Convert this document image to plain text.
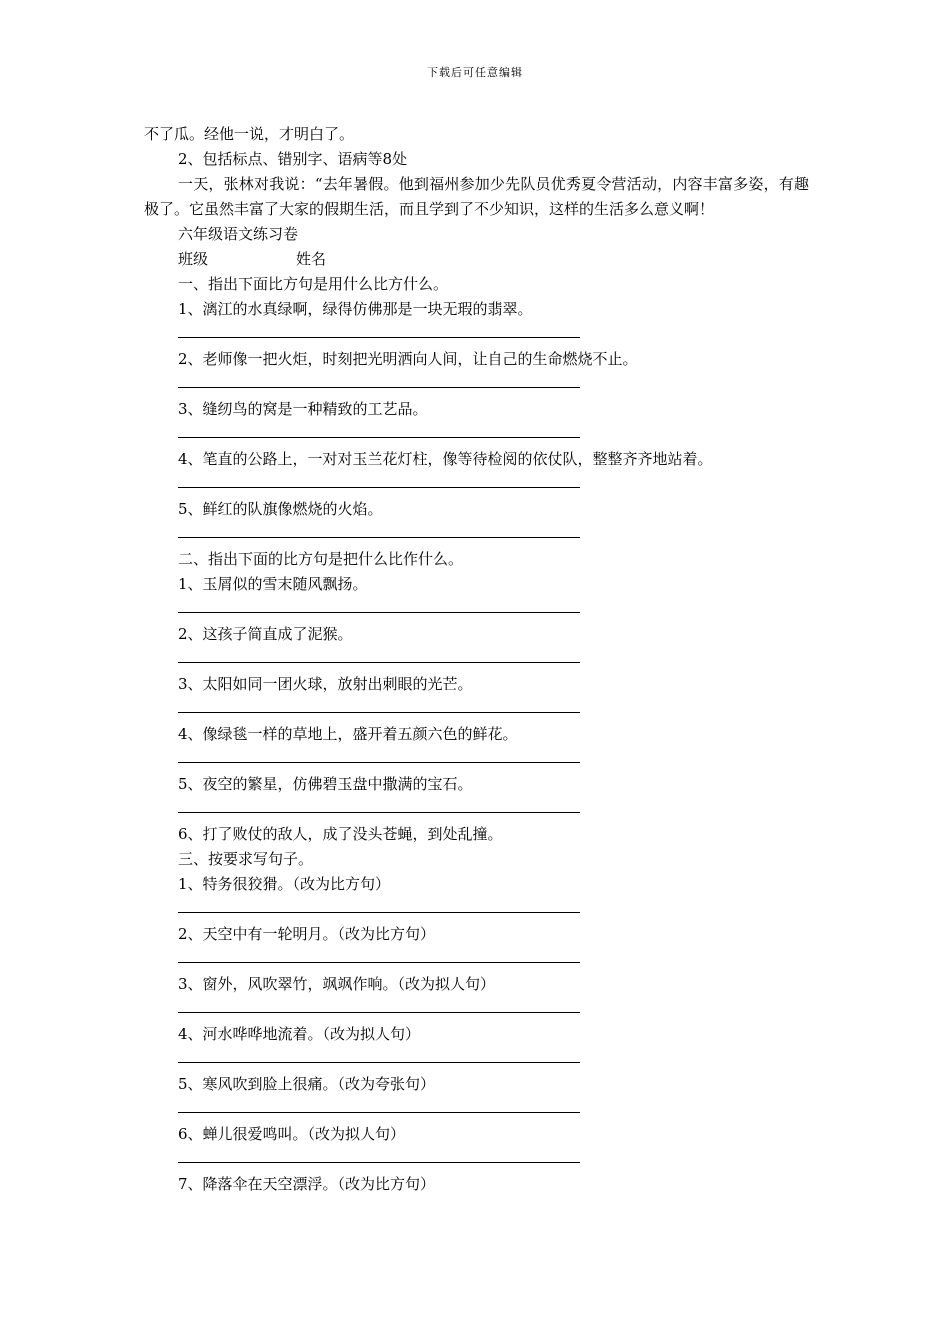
下载后可任意编辑
不了瓜。经他一说，才明白了。
2、包括标点、错别字、语病等8处
一天，张林对我说：“去年暑假。他到福州参加少先队员优秀夏令营活动，内容丰富多姿，有趣极了。它虽然丰富了大家的假期生活，而且学到了不少知识，这样的生活多么意义啊！
六年级语文练习卷
班级	姓名
一、指出下面比方句是用什么比方什么。
1、漓江的水真绿啊，绿得仿佛那是一块无瑕的翡翠。
2、老师像一把火炬，时刻把光明洒向人间，让自己的生命燃烧不止。
3、缝纫鸟的窝是一种精致的工艺品。
4、笔直的公路上，一对对玉兰花灯柱，像等待检阅的依仗队，整整齐齐地站着。
5、鲜红的队旗像燃烧的火焰。
二、指出下面的比方句是把什么比作什么。
1、玉屑似的雪末随风飘扬。
2、这孩子简直成了泥猴。
3、太阳如同一团火球，放射出刺眼的光芒。
4、像绿毯一样的草地上，盛开着五颜六色的鲜花。
5、夜空的繁星，仿佛碧玉盘中撒满的宝石。
6、打了败仗的敌人，成了没头苍蝇，到处乱撞。
三、按要求写句子。
1、特务很狡猾。（改为比方句）
2、天空中有一轮明月。（改为比方句）
3、窗外，风吹翠竹，飒飒作响。（改为拟人句）
4、河水哗哗地流着。（改为拟人句）
5、寒风吹到脸上很痛。（改为夸张句）
6、蝉儿很爱鸣叫。（改为拟人句）
7、降落伞在天空漂浮。（改为比方句）
